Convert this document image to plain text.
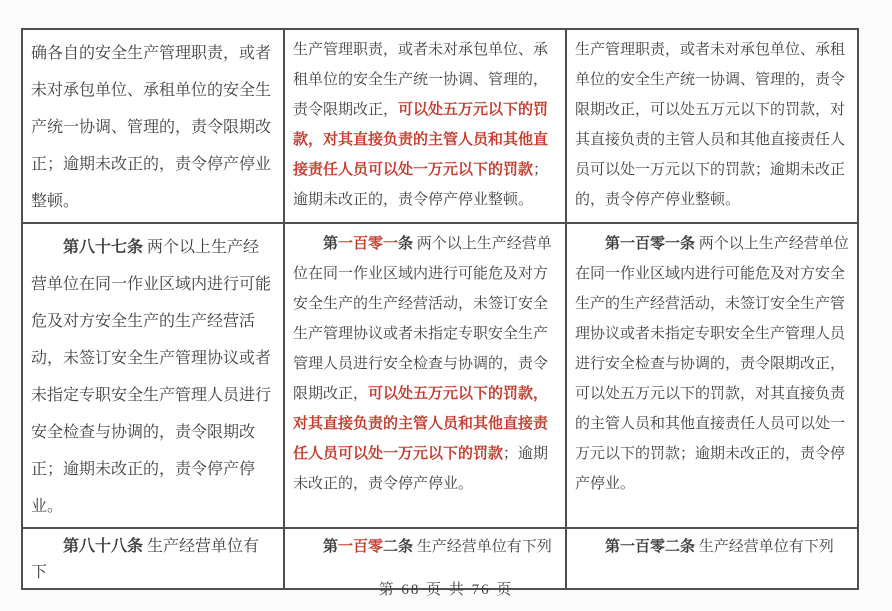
确各自的安全生产管理职责，或者未对承包单位、承租单位的安全生产统一协调、管理的，责令限期改正；逾期未改正的，责令停产停业整顿。	生产管理职责，或者未对承包单位、承租单位的安全生产统一协调、管理的，责令限期改正，可以处五万元以下的罚款，对其直接负责的主管人员和其他直接责任人员可以处一万元以下的罚款；逾期未改正的，责令停产停业整顿。	生产管理职责，或者未对承包单位、承租单位的安全生产统一协调、管理的，责令限期改正，可以处五万元以下的罚款，对其直接负责的主管人员和其他直接责任人员可以处一万元以下的罚款；逾期未改正的，责令停产停业整顿。

第八十七条 两个以上生产经营单位在同一作业区域内进行可能危及对方安全生产的生产经营活动，未签订安全生产管理协议或者未指定专职安全生产管理人员进行安全检查与协调的，责令限期改正；逾期未改正的，责令停产停业。	第一百零一条 两个以上生产经营单位在同一作业区域内进行可能危及对方安全生产的生产经营活动，未签订安全生产管理协议或者未指定专职安全生产管理人员进行安全检查与协调的，责令限期改正，可以处五万元以下的罚款，对其直接负责的主管人员和其他直接责任人员可以处一万元以下的罚款；逾期未改正的，责令停产停业。	第一百零一条 两个以上生产经营单位在同一作业区域内进行可能危及对方安全生产的生产经营活动，未签订安全生产管理协议或者未指定专职安全生产管理人员进行安全检查与协调的，责令限期改正，可以处五万元以下的罚款，对其直接负责的主管人员和其他直接责任人员可以处一万元以下的罚款；逾期未改正的，责令停产停业。

第八十八条 生产经营单位有下	第一百零二条 生产经营单位有下列	第一百零二条 生产经营单位有下列

第 68 页 共 76 页
